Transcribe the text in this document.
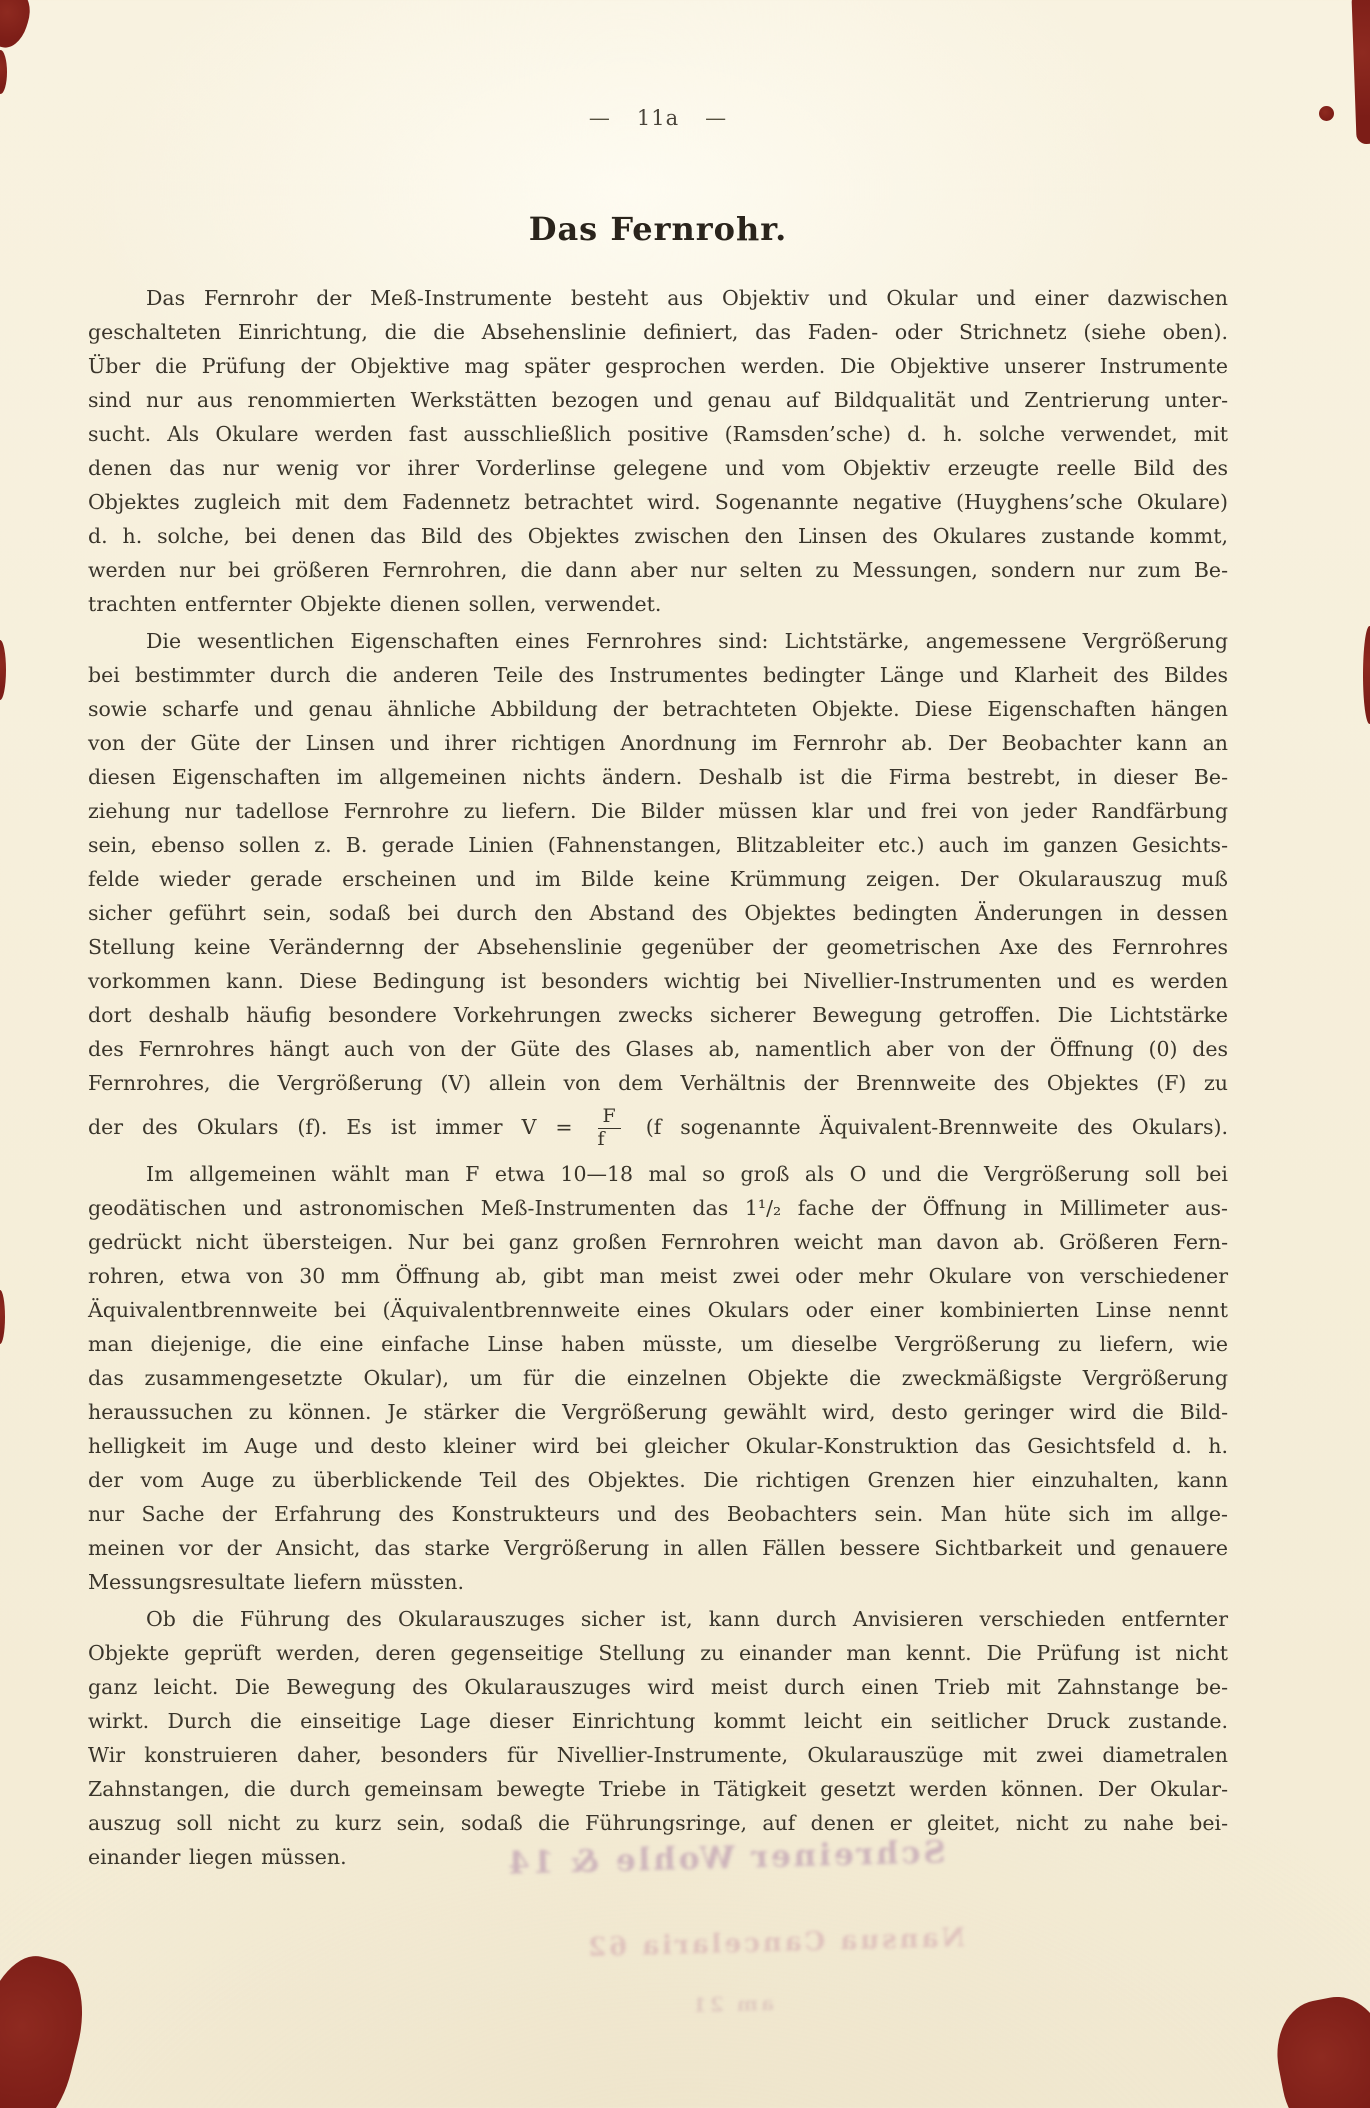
— 11a —
Das Fernrohr.
Das Fernrohr der Meß-Instrumente besteht aus Objektiv und Okular und einer dazwischen
geschalteten Einrichtung, die die Absehenslinie definiert, das Faden- oder Strichnetz (siehe oben).
Über die Prüfung der Objektive mag später gesprochen werden. Die Objektive unserer Instrumente
sind nur aus renommierten Werkstätten bezogen und genau auf Bildqualität und Zentrierung unter-
sucht. Als Okulare werden fast ausschließlich positive (Ramsden’sche) d. h. solche verwendet, mit
denen das nur wenig vor ihrer Vorderlinse gelegene und vom Objektiv erzeugte reelle Bild des
Objektes zugleich mit dem Fadennetz betrachtet wird. Sogenannte negative (Huyghens’sche Okulare)
d. h. solche, bei denen das Bild des Objektes zwischen den Linsen des Okulares zustande kommt,
werden nur bei größeren Fernrohren, die dann aber nur selten zu Messungen, sondern nur zum Be-
trachten entfernter Objekte dienen sollen, verwendet.
Die wesentlichen Eigenschaften eines Fernrohres sind: Lichtstärke, angemessene Vergrößerung
bei bestimmter durch die anderen Teile des Instrumentes bedingter Länge und Klarheit des Bildes
sowie scharfe und genau ähnliche Abbildung der betrachteten Objekte. Diese Eigenschaften hängen
von der Güte der Linsen und ihrer richtigen Anordnung im Fernrohr ab. Der Beobachter kann an
diesen Eigenschaften im allgemeinen nichts ändern. Deshalb ist die Firma bestrebt, in dieser Be-
ziehung nur tadellose Fernrohre zu liefern. Die Bilder müssen klar und frei von jeder Randfärbung
sein, ebenso sollen z. B. gerade Linien (Fahnenstangen, Blitzableiter etc.) auch im ganzen Gesichts-
felde wieder gerade erscheinen und im Bilde keine Krümmung zeigen. Der Okularauszug muß
sicher geführt sein, sodaß bei durch den Abstand des Objektes bedingten Änderungen in dessen
Stellung keine Verändernng der Absehenslinie gegenüber der geometrischen Axe des Fernrohres
vorkommen kann. Diese Bedingung ist besonders wichtig bei Nivellier-Instrumenten und es werden
dort deshalb häufig besondere Vorkehrungen zwecks sicherer Bewegung getroffen. Die Lichtstärke
des Fernrohres hängt auch von der Güte des Glases ab, namentlich aber von der Öffnung (0) des
Fernrohres, die Vergrößerung (V) allein von dem Verhältnis der Brennweite des Objektes (F) zu
der des Okulars (f). Es ist immer $V = \frac{F}{f} (f$ sogenannte Äquivalent-Brennweite des Okulars).
Im allgemeinen wählt man F etwa 10—18 mal so groß als O und die Vergrößerung soll bei
geodätischen und astronomischen Meß-Instrumenten das 1¹/₂ fache der Öffnung in Millimeter aus-
gedrückt nicht übersteigen. Nur bei ganz großen Fernrohren weicht man davon ab. Größeren Fern-
rohren, etwa von 30 mm Öffnung ab, gibt man meist zwei oder mehr Okulare von verschiedener
Äquivalentbrennweite bei (Äquivalentbrennweite eines Okulars oder einer kombinierten Linse nennt
man diejenige, die eine einfache Linse haben müsste, um dieselbe Vergrößerung zu liefern, wie
das zusammengesetzte Okular), um für die einzelnen Objekte die zweckmäßigste Vergrößerung
heraussuchen zu können. Je stärker die Vergrößerung gewählt wird, desto geringer wird die Bild-
helligkeit im Auge und desto kleiner wird bei gleicher Okular-Konstruktion das Gesichtsfeld d. h.
der vom Auge zu überblickende Teil des Objektes. Die richtigen Grenzen hier einzuhalten, kann
nur Sache der Erfahrung des Konstrukteurs und des Beobachters sein. Man hüte sich im allge-
meinen vor der Ansicht, das starke Vergrößerung in allen Fällen bessere Sichtbarkeit und genauere
Messungsresultate liefern müssten.
Ob die Führung des Okularauszuges sicher ist, kann durch Anvisieren verschieden entfernter
Objekte geprüft werden, deren gegenseitige Stellung zu einander man kennt. Die Prüfung ist nicht
ganz leicht. Die Bewegung des Okularauszuges wird meist durch einen Trieb mit Zahnstange be-
wirkt. Durch die einseitige Lage dieser Einrichtung kommt leicht ein seitlicher Druck zustande.
Wir konstruieren daher, besonders für Nivellier-Instrumente, Okularauszüge mit zwei diametralen
Zahnstangen, die durch gemeinsam bewegte Triebe in Tätigkeit gesetzt werden können. Der Okular-
auszug soll nicht zu kurz sein, sodaß die Führungsringe, auf denen er gleitet, nicht zu nahe bei-
einander liegen müssen.	Schreiner Wohle & 14
Nansua Cancelaria 62
am 21
